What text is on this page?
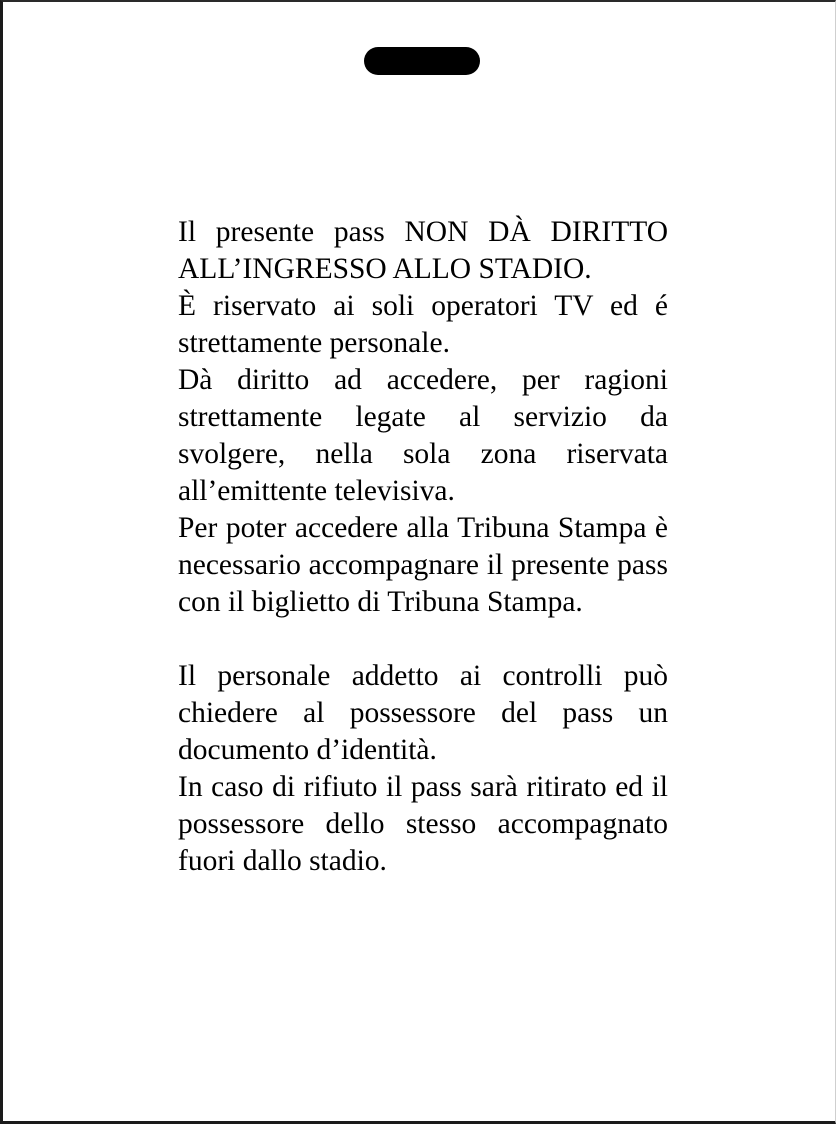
Il presente pass NON DÀ DIRITTO ALL’INGRESSO ALLO STADIO.

È riservato ai soli operatori TV ed é strettamente personale.

Dà diritto ad accedere, per ragioni strettamente legate al servizio da svolgere, nella sola zona riservata all’emittente televisiva.

Per poter accedere alla Tribuna Stampa è necessario accompagnare il presente pass con il biglietto di Tribuna Stampa.

Il personale addetto ai controlli può chiedere al possessore del pass un documento d’identità.

In caso di rifiuto il pass sarà ritirato ed il possessore dello stesso accompagnato fuori dallo stadio.
